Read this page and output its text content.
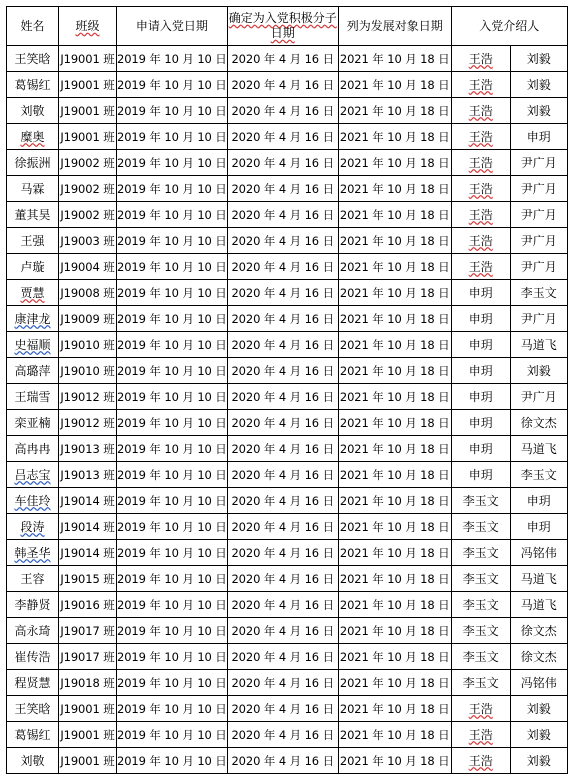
姓名	班级	申请入党日期	确定为入党积极分子日期	列为发展对象日期	入党介绍人	
王笑晗	J19001 班	2019 年 10 月 10 日	2020 年 4 月 16 日	2021 年 10 月 18 日	王浩	刘毅
葛锡红	J19001 班	2019 年 10 月 10 日	2020 年 4 月 16 日	2021 年 10 月 18 日	王浩	刘毅
刘敬	J19001 班	2019 年 10 月 10 日	2020 年 4 月 16 日	2021 年 10 月 18 日	王浩	刘毅
糜奥	J19001 班	2019 年 10 月 10 日	2020 年 4 月 16 日	2021 年 10 月 18 日	王浩	申玥
徐振洲	J19002 班	2019 年 10 月 10 日	2020 年 4 月 16 日	2021 年 10 月 18 日	王浩	尹广月
马霖	J19002 班	2019 年 10 月 10 日	2020 年 4 月 16 日	2021 年 10 月 18 日	王浩	尹广月
董其昊	J19002 班	2019 年 10 月 10 日	2020 年 4 月 16 日	2021 年 10 月 18 日	王浩	尹广月
王强	J19003 班	2019 年 10 月 10 日	2020 年 4 月 16 日	2021 年 10 月 18 日	王浩	尹广月
卢璇	J19004 班	2019 年 10 月 10 日	2020 年 4 月 16 日	2021 年 10 月 18 日	王浩	尹广月
贾慧	J19008 班	2019 年 10 月 10 日	2020 年 4 月 16 日	2021 年 10 月 18 日	申玥	李玉文
康津龙	J19009 班	2019 年 10 月 10 日	2020 年 4 月 16 日	2021 年 10 月 18 日	申玥	尹广月
史福顺	J19010 班	2019 年 10 月 10 日	2020 年 4 月 16 日	2021 年 10 月 18 日	申玥	马道飞
高璐萍	J19010 班	2019 年 10 月 10 日	2020 年 4 月 16 日	2021 年 10 月 18 日	申玥	刘毅
王瑞雪	J19012 班	2019 年 10 月 10 日	2020 年 4 月 16 日	2021 年 10 月 18 日	申玥	尹广月
栾亚楠	J19012 班	2019 年 10 月 10 日	2020 年 4 月 16 日	2021 年 10 月 18 日	申玥	徐文杰
高冉冉	J19013 班	2019 年 10 月 10 日	2020 年 4 月 16 日	2021 年 10 月 18 日	申玥	马道飞
吕志宝	J19013 班	2019 年 10 月 10 日	2020 年 4 月 16 日	2021 年 10 月 18 日	申玥	李玉文
车佳玲	J19014 班	2019 年 10 月 10 日	2020 年 4 月 16 日	2021 年 10 月 18 日	李玉文	申玥
段涛	J19014 班	2019 年 10 月 10 日	2020 年 4 月 16 日	2021 年 10 月 18 日	李玉文	申玥
韩圣华	J19014 班	2019 年 10 月 10 日	2020 年 4 月 16 日	2021 年 10 月 18 日	李玉文	冯铭伟
王容	J19015 班	2019 年 10 月 10 日	2020 年 4 月 16 日	2021 年 10 月 18 日	李玉文	马道飞
李静贤	J19016 班	2019 年 10 月 10 日	2020 年 4 月 16 日	2021 年 10 月 18 日	李玉文	马道飞
高永琦	J19017 班	2019 年 10 月 10 日	2020 年 4 月 16 日	2021 年 10 月 18 日	李玉文	徐文杰
崔传浩	J19017 班	2019 年 10 月 10 日	2020 年 4 月 16 日	2021 年 10 月 18 日	李玉文	徐文杰
程贤慧	J19018 班	2019 年 10 月 10 日	2020 年 4 月 16 日	2021 年 10 月 18 日	李玉文	冯铭伟
王笑晗	J19001 班	2019 年 10 月 10 日	2020 年 4 月 16 日	2021 年 10 月 18 日	王浩	刘毅
葛锡红	J19001 班	2019 年 10 月 10 日	2020 年 4 月 16 日	2021 年 10 月 18 日	王浩	刘毅
刘敬	J19001 班	2019 年 10 月 10 日	2020 年 4 月 16 日	2021 年 10 月 18 日	王浩	刘毅
